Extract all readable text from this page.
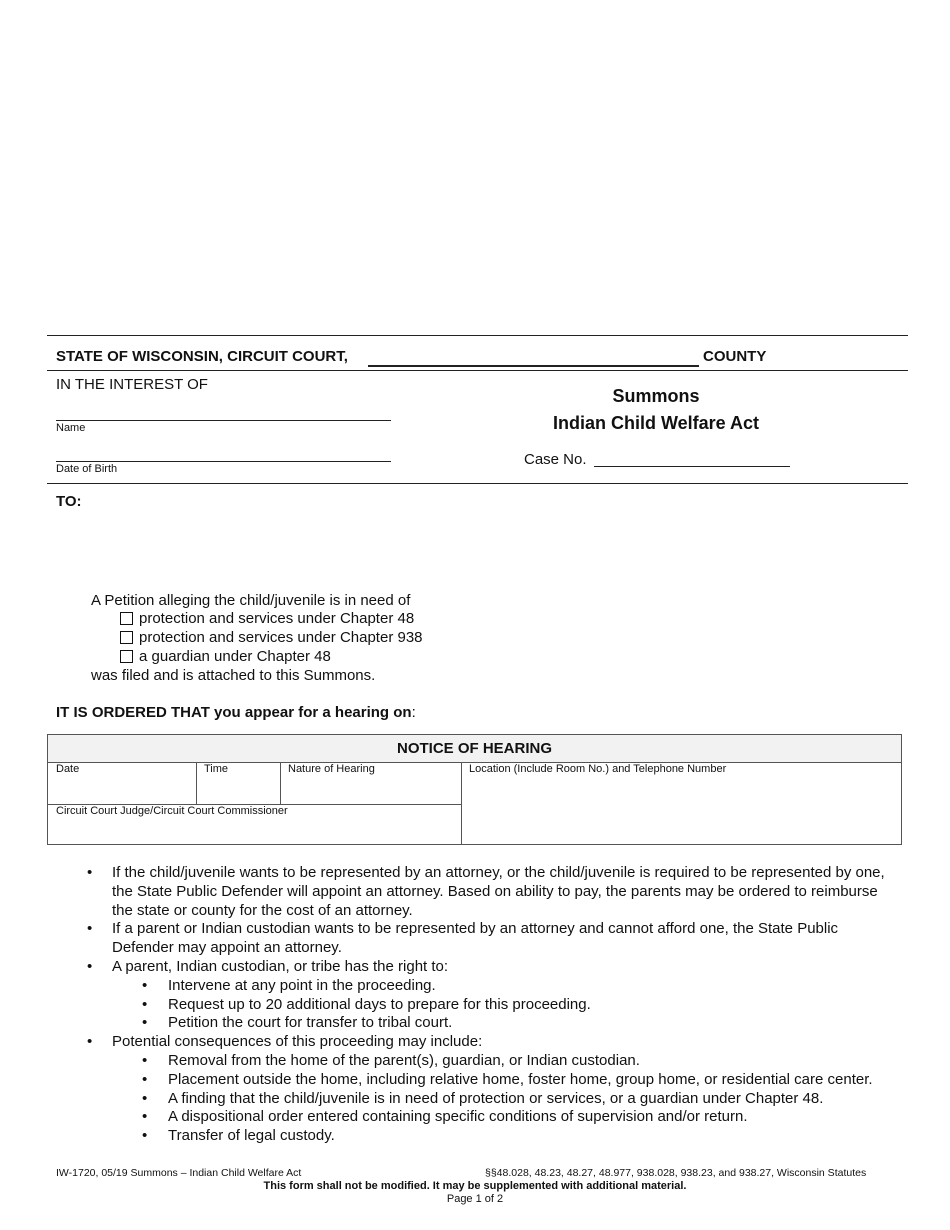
STATE OF WISCONSIN, CIRCUIT COURT,	COUNTY
IN THE INTEREST OF
Name
Date of Birth
Summons
Indian Child Welfare Act
Case No.
TO:
A Petition alleging the child/juvenile is in need of
protection and services under Chapter 48
protection and services under Chapter 938
a guardian under Chapter 48
was filed and is attached to this Summons.
IT IS ORDERED THAT you appear for a hearing on:
NOTICE OF HEARING
Date	Time	Nature of Hearing	Location (Include Room No.) and Telephone Number
Circuit Court Judge/Circuit Court Commissioner
• If the child/juvenile wants to be represented by an attorney, or the child/juvenile is required to be represented by one, the State Public Defender will appoint an attorney. Based on ability to pay, the parents may be ordered to reimburse the state or county for the cost of an attorney.
• If a parent or Indian custodian wants to be represented by an attorney and cannot afford one, the State Public Defender may appoint an attorney.
• A parent, Indian custodian, or tribe has the right to:
• Intervene at any point in the proceeding.
• Request up to 20 additional days to prepare for this proceeding.
• Petition the court for transfer to tribal court.
• Potential consequences of this proceeding may include:
• Removal from the home of the parent(s), guardian, or Indian custodian.
• Placement outside the home, including relative home, foster home, group home, or residential care center.
• A finding that the child/juvenile is in need of protection or services, or a guardian under Chapter 48.
• A dispositional order entered containing specific conditions of supervision and/or return.
• Transfer of legal custody.
IW-1720, 05/19 Summons – Indian Child Welfare Act	§§48.028, 48.23, 48.27, 48.977, 938.028, 938.23, and 938.27, Wisconsin Statutes
This form shall not be modified. It may be supplemented with additional material.
Page 1 of 2
